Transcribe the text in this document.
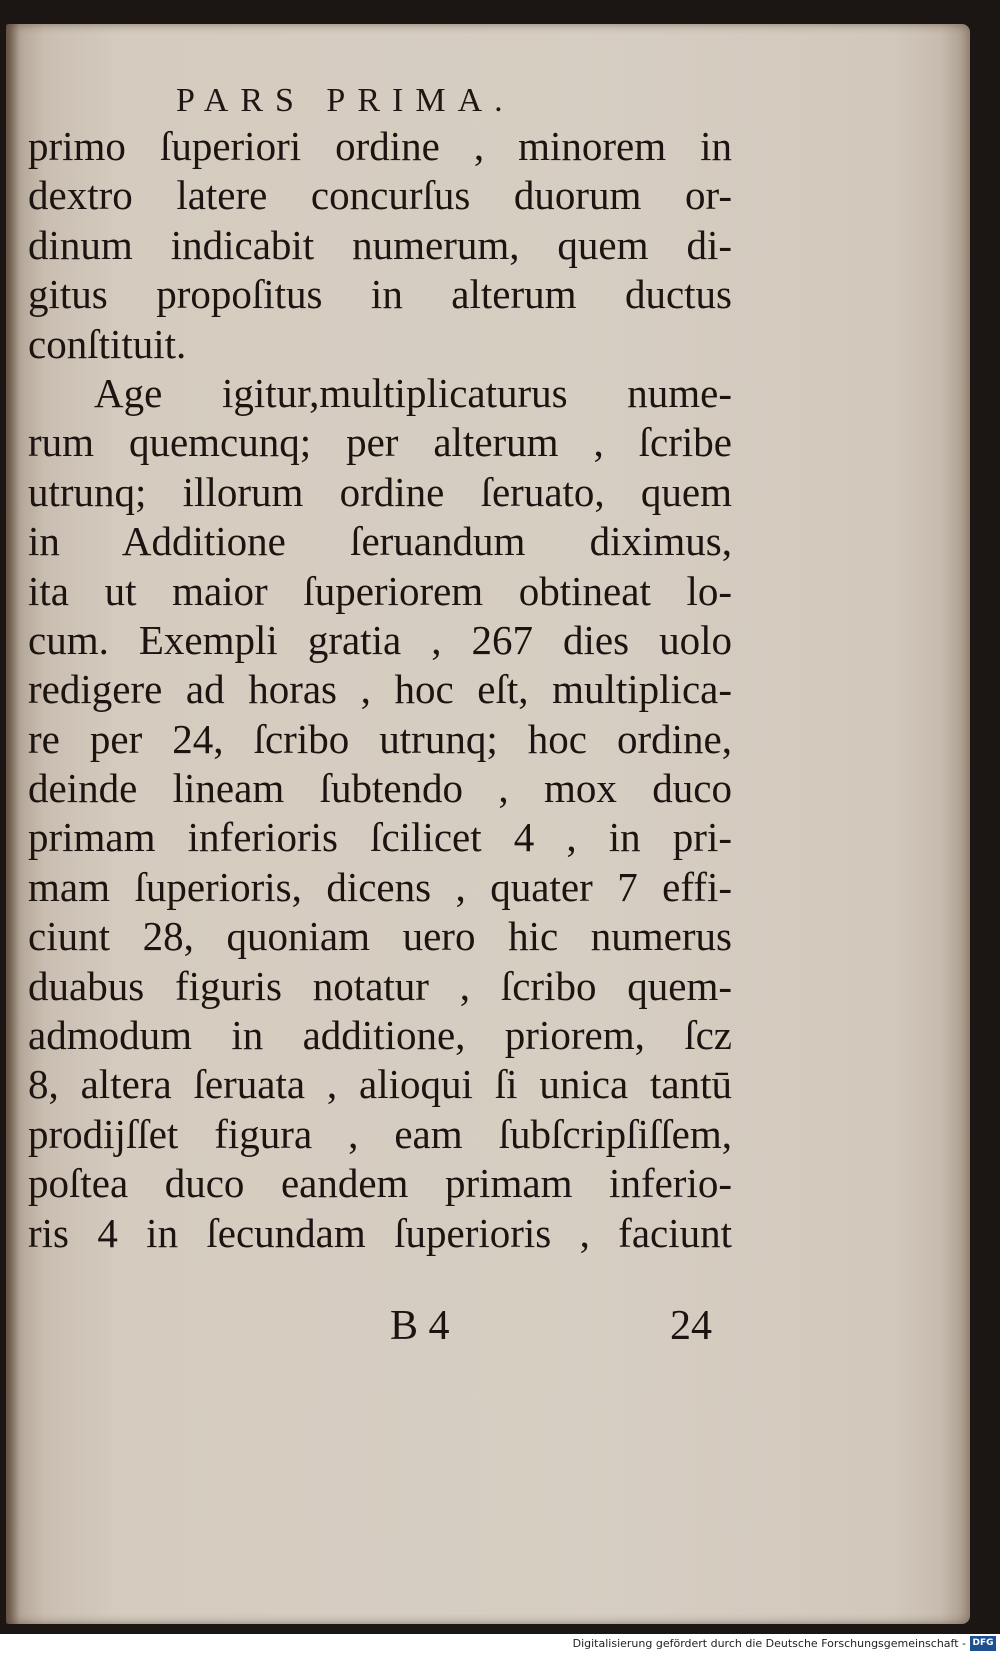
PARS PRIMA.
primo ſuperiori ordine , minorem in
dextro latere concurſus duorum or-
dinum indicabit numerum, quem di-
gitus propoſitus in alterum ductus
conſtituit.
Age igitur,multiplicaturus nume-
rum quemcunq; per alterum , ſcribe
utrunq; illorum ordine ſeruato, quem
in Additione ſeruandum diximus,
ita ut maior ſuperiorem obtineat lo-
cum. Exempli gratia , 267 dies uolo
redigere ad horas , hoc eſt, multiplica-
re per 24, ſcribo utrunq; hoc ordine,
deinde lineam ſubtendo , mox duco
primam inferioris ſcilicet 4 , in pri-
mam ſuperioris, dicens , quater 7 effi-
ciunt 28, quoniam uero hic numerus
duabus figuris notatur , ſcribo quem-
admodum in additione, priorem, ſcz
8, altera ſeruata , alioqui ſi unica tantū
prodijſſet figura , eam ſubſcripſiſſem,
poſtea duco eandem primam inferio-
ris 4 in ſecundam ſuperioris , faciunt
B 4	24
Digitalisierung gefördert durch die Deutsche Forschungsgemeinschaft - DFG
